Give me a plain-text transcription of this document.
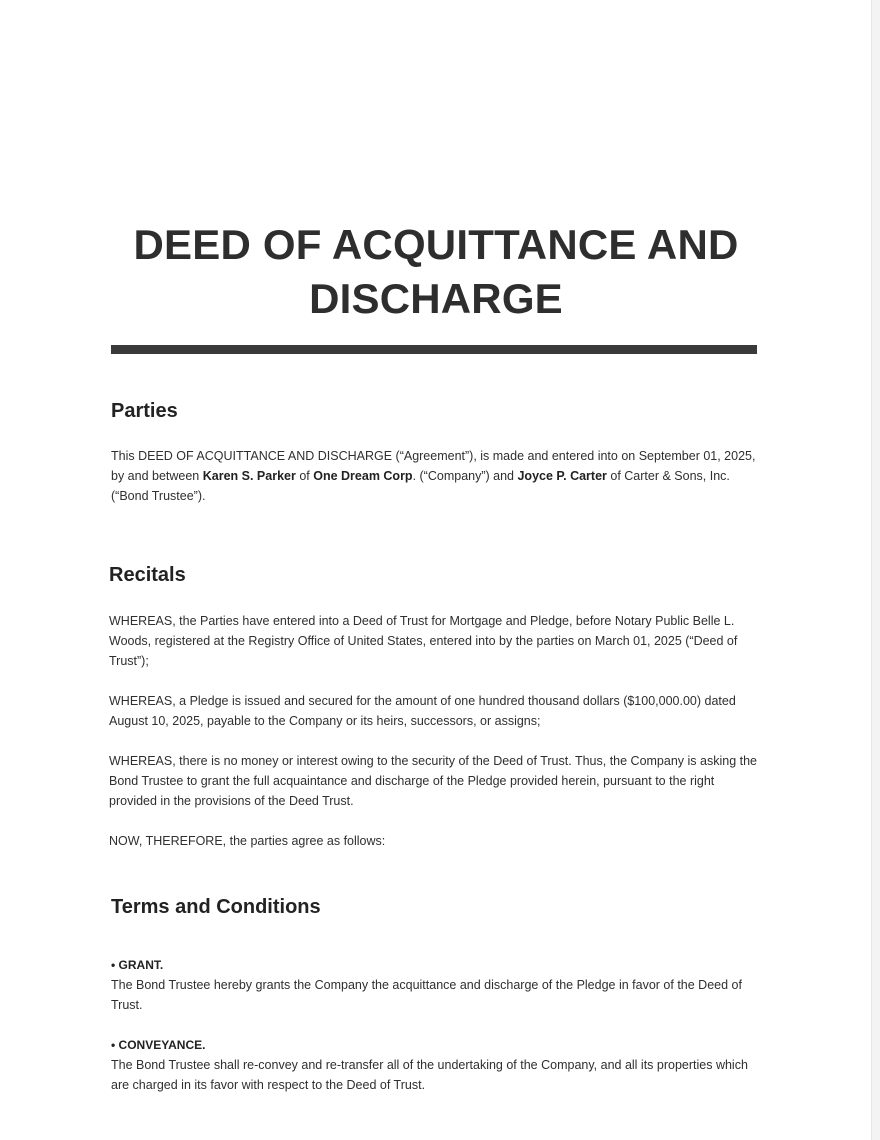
DEED OF ACQUITTANCE AND
DISCHARGE
Parties

This DEED OF ACQUITTANCE AND DISCHARGE (“Agreement”), is made and entered into on September 01, 2025, by and between Karen S. Parker of One Dream Corp. (“Company”) and Joyce P. Carter of Carter & Sons, Inc. (“Bond Trustee”).

Recitals

WHEREAS, the Parties have entered into a Deed of Trust for Mortgage and Pledge, before Notary Public Belle L. Woods, registered at the Registry Office of United States, entered into by the parties on March 01, 2025 (“Deed of Trust”);

WHEREAS, a Pledge is issued and secured for the amount of one hundred thousand dollars ($100,000.00) dated August 10, 2025, payable to the Company or its heirs, successors, or assigns;

WHEREAS, there is no money or interest owing to the security of the Deed of Trust. Thus, the Company is asking the Bond Trustee to grant the full acquaintance and discharge of the Pledge provided herein, pursuant to the right provided in the provisions of the Deed Trust.

NOW, THEREFORE, the parties agree as follows:

Terms and Conditions

• GRANT.

The Bond Trustee hereby grants the Company the acquittance and discharge of the Pledge in favor of the Deed of Trust.

• CONVEYANCE.

The Bond Trustee shall re-convey and re-transfer all of the undertaking of the Company, and all its properties which are charged in its favor with respect to the Deed of Trust.
